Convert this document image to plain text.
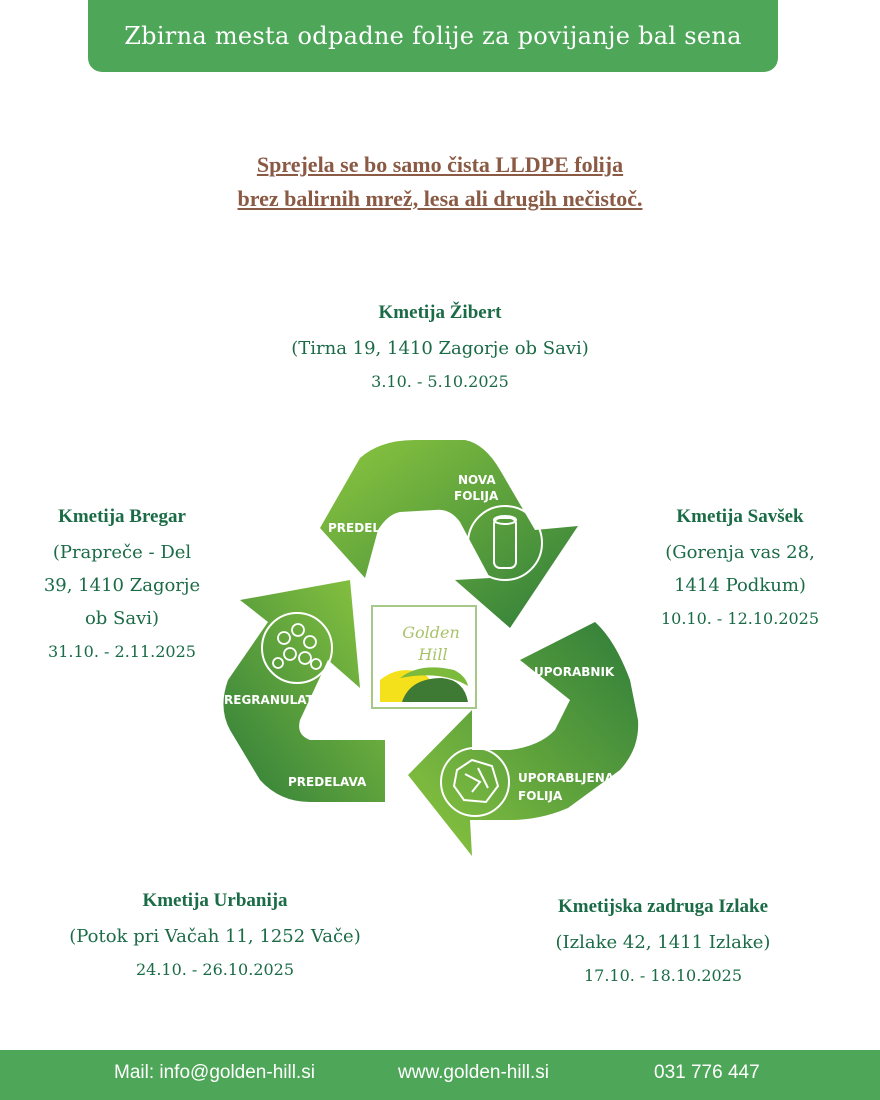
Zbirna mesta odpadne folije za povijanje bal sena
Sprejela se bo samo čista LLDPE folija
brez balirnih mrež, lesa ali drugih nečistoč.
Kmetija Žibert
(Tirna 19, 1410 Zagorje ob Savi)
3.10. - 5.10.2025
Kmetija Bregar
(Prapreče - Del
39, 1410 Zagorje
ob Savi)
31.10. - 2.11.2025
Kmetija Savšek
(Gorenja vas 28,
1414 Podkum)
10.10. - 12.10.2025
Kmetija Urbanija
(Potok pri Vačah 11, 1252 Vače)
24.10. - 26.10.2025
Kmetijska zadruga Izlake
(Izlake 42, 1411 Izlake)
17.10. - 18.10.2025
PREDELAVA
NOVA
FOLIJA
UPORABNIK
UPORABLJENA
FOLIJA
PREDELAVA
REGRANULAT
Golden
Hill
Mail: info@golden-hill.si	www.golden-hill.si	031 776 447
